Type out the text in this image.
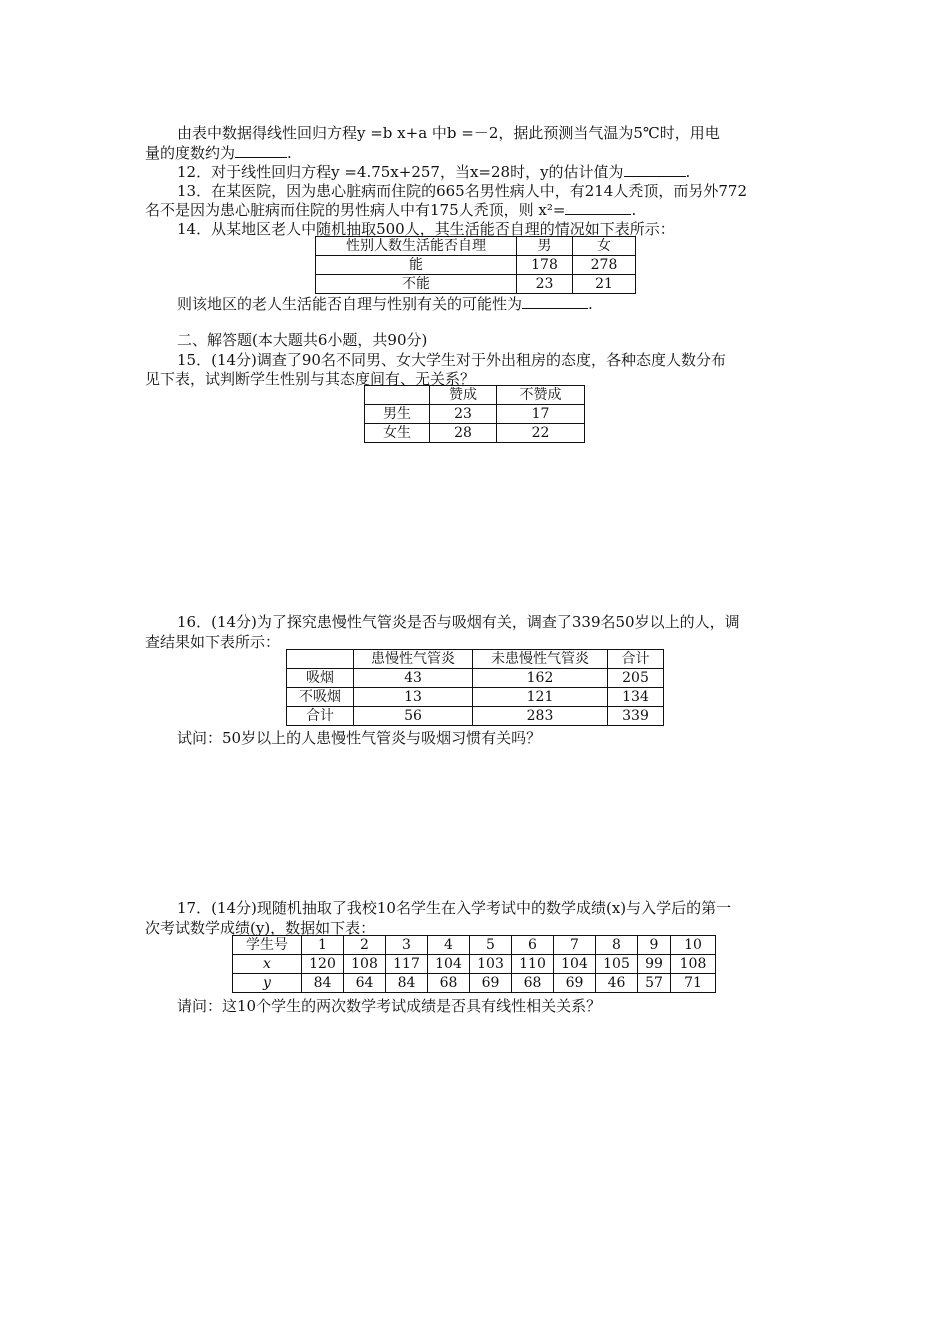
由表中数据得线性回归方程y =b x+a 中b =－2，据此预测当气温为5℃时，用电
量的度数约为	.
12．对于线性回归方程y =4.75x+257，当x=28时，y的估计值为	.
13．在某医院，因为患心脏病而住院的665名男性病人中，有214人秃顶，而另外772
名不是因为患心脏病而住院的男性病人中有175人秃顶，则 x²=	.
14．从某地区老人中随机抽取500人，其生活能否自理的情况如下表所示：
性别人数生活能否自理	男	女
能	178	278
不能	23	21
则该地区的老人生活能否自理与性别有关的可能性为	.
二、解答题(本大题共6小题，共90分)
15．(14分)调查了90名不同男、女大学生对于外出租房的态度，各种态度人数分布
见下表，试判断学生性别与其态度间有、无关系？
	赞成	不赞成
男生	23	17
女生	28	22
16．(14分)为了探究患慢性气管炎是否与吸烟有关，调查了339名50岁以上的人，调
查结果如下表所示：
	患慢性气管炎	未患慢性气管炎	合计
吸烟	43	162	205
不吸烟	13	121	134
合计	56	283	339
试问：50岁以上的人患慢性气管炎与吸烟习惯有关吗？
17．(14分)现随机抽取了我校10名学生在入学考试中的数学成绩(x)与入学后的第一
次考试数学成绩(y)，数据如下表：
学生号	1	2	3	4	5	6	7	8	9	10
x	120	108	117	104	103	110	104	105	99	108
y	84	64	84	68	69	68	69	46	57	71
请问：这10个学生的两次数学考试成绩是否具有线性相关关系？
